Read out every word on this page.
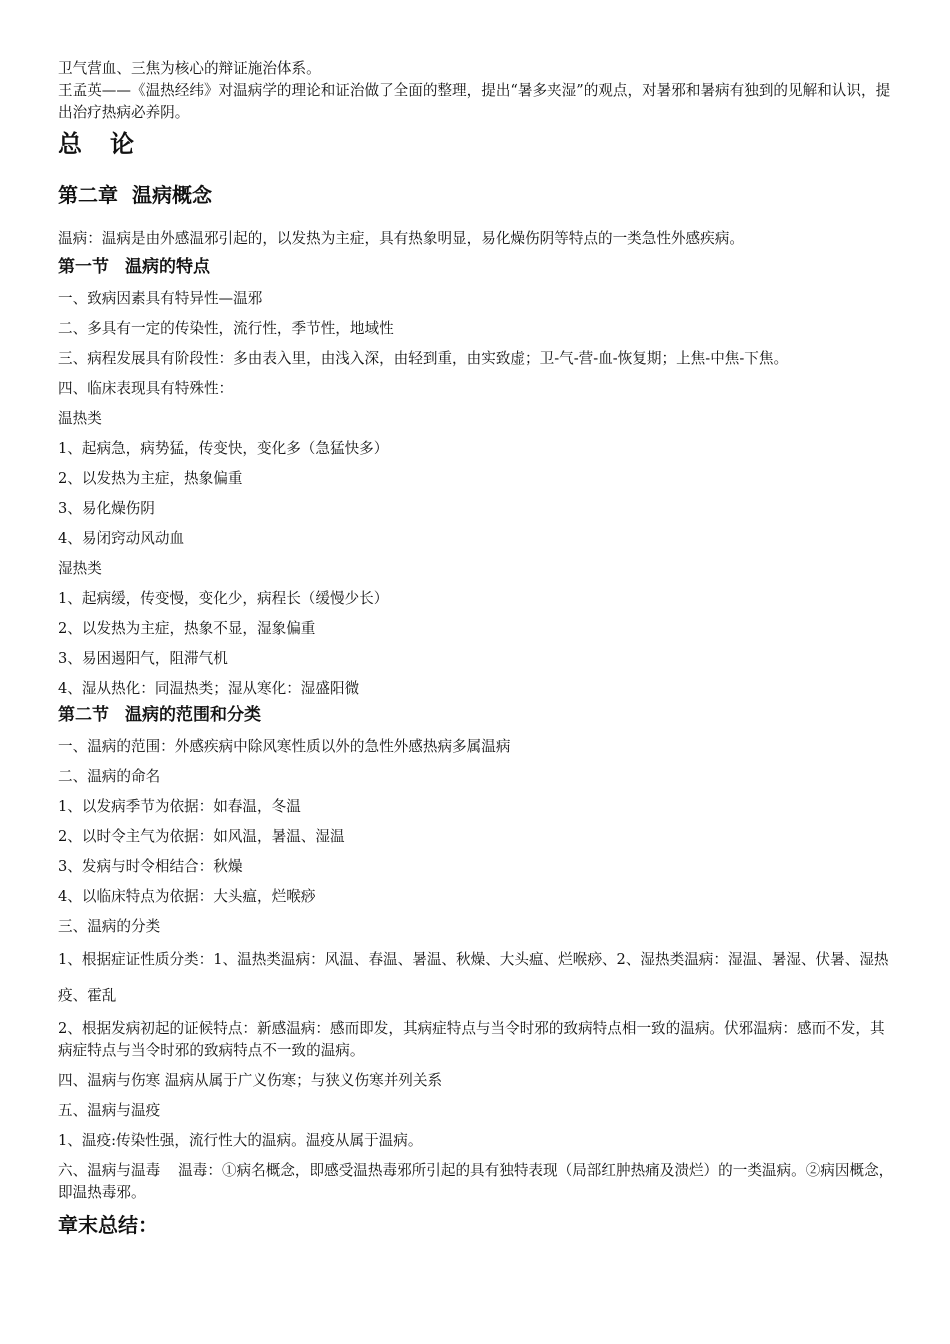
卫气营血、三焦为核心的辩证施治体系。

王孟英——《温热经纬》对温病学的理论和证治做了全面的整理，提出“暑多夹湿”的观点，对暑邪和暑病有独到的见解和认识，提出治疗热病必养阴。

总 论
第二章 温病概念

温病：温病是由外感温邪引起的，以发热为主症，具有热象明显，易化燥伤阴等特点的一类急性外感疾病。

第一节 温病的特点

一、致病因素具有特异性—温邪

二、多具有一定的传染性，流行性，季节性，地域性

三、病程发展具有阶段性：多由表入里，由浅入深，由轻到重，由实致虚；卫-气-营-血-恢复期；上焦-中焦-下焦。

四、临床表现具有特殊性：

温热类

1、起病急，病势猛，传变快，变化多（急猛快多）

2、以发热为主症，热象偏重

3、易化燥伤阴

4、易闭窍动风动血

湿热类

1、起病缓，传变慢，变化少，病程长（缓慢少长）

2、以发热为主症，热象不显，湿象偏重

3、易困遏阳气，阻滞气机

4、湿从热化：同温热类；湿从寒化：湿盛阳微

第二节 温病的范围和分类

一、温病的范围：外感疾病中除风寒性质以外的急性外感热病多属温病

二、温病的命名

1、以发病季节为依据：如春温，冬温

2、以时令主气为依据：如风温，暑温、湿温

3、发病与时令相结合：秋燥

4、以临床特点为依据：大头瘟，烂喉痧

三、温病的分类

1、根据症证性质分类：1、温热类温病：风温、春温、暑温、秋燥、大头瘟、烂喉痧、2、湿热类温病：湿温、暑湿、伏暑、湿热疫、霍乱

2、根据发病初起的证候特点：新感温病：感而即发，其病症特点与当令时邪的致病特点相一致的温病。伏邪温病：感而不发，其病症特点与当令时邪的致病特点不一致的温病。

四、温病与伤寒 温病从属于广义伤寒；与狭义伤寒并列关系

五、温病与温疫

1、温疫:传染性强，流行性大的温病。温疫从属于温病。

六、温病与温毒 温毒：①病名概念，即感受温热毒邪所引起的具有独特表现（局部红肿热痛及溃烂）的一类温病。②病因概念，即温热毒邪。

章末总结：
